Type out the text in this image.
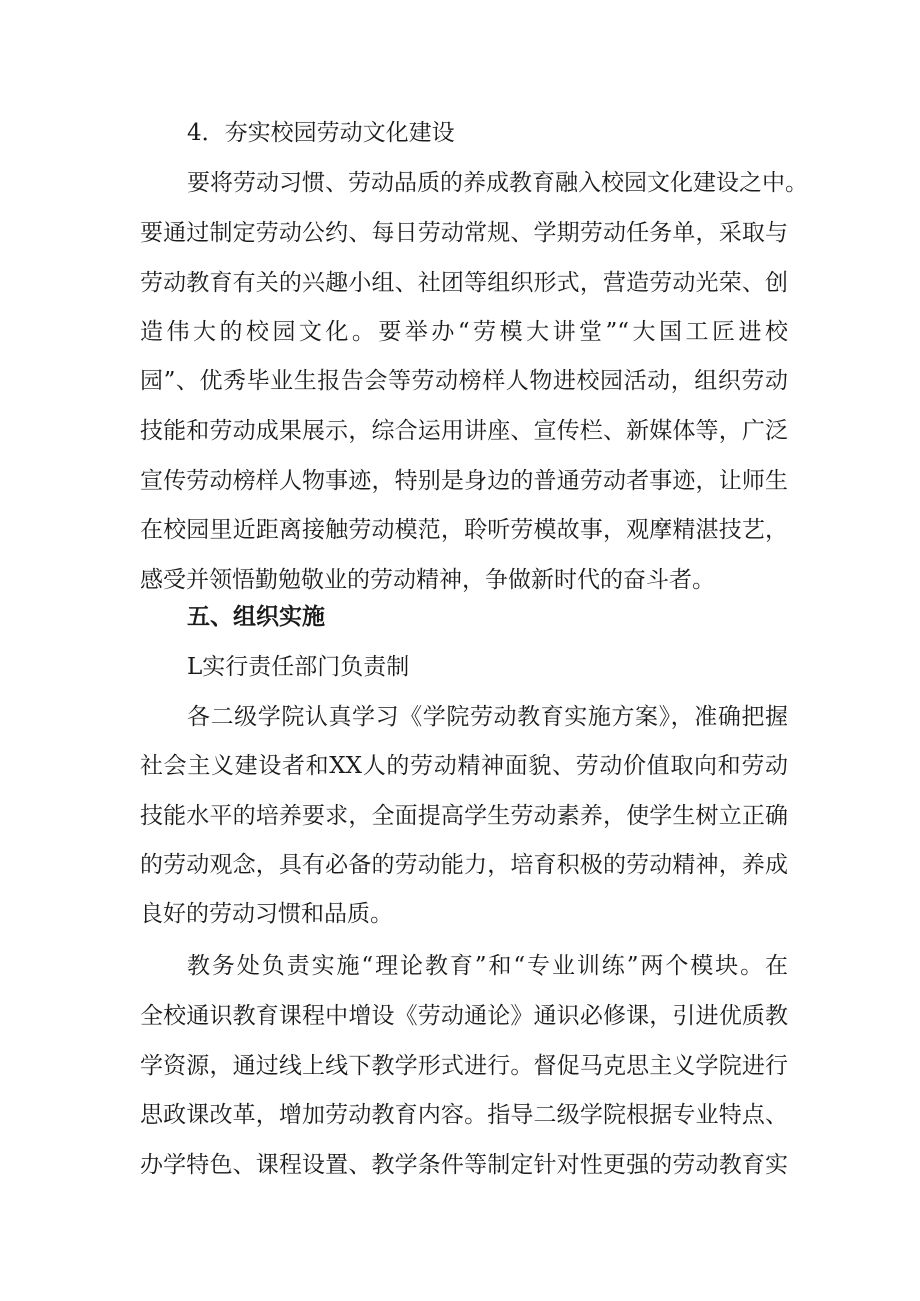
4．夯实校园劳动文化建设
要将劳动习惯、劳动品质的养成教育融入校园文化建设之中。
要通过制定劳动公约、每日劳动常规、学期劳动任务单，采取与
劳动教育有关的兴趣小组、社团等组织形式，营造劳动光荣、创
造伟大的校园文化。要举办“劳模大讲堂”“大国工匠进校
园”、优秀毕业生报告会等劳动榜样人物进校园活动，组织劳动
技能和劳动成果展示，综合运用讲座、宣传栏、新媒体等，广泛
宣传劳动榜样人物事迹，特别是身边的普通劳动者事迹，让师生
在校园里近距离接触劳动模范，聆听劳模故事，观摩精湛技艺，
感受并领悟勤勉敬业的劳动精神，争做新时代的奋斗者。
五、组织实施
L实行责任部门负责制
各二级学院认真学习《学院劳动教育实施方案》，准确把握
社会主义建设者和XX人的劳动精神面貌、劳动价值取向和劳动
技能水平的培养要求，全面提高学生劳动素养，使学生树立正确
的劳动观念，具有必备的劳动能力，培育积极的劳动精神，养成
良好的劳动习惯和品质。
教务处负责实施“理论教育”和“专业训练”两个模块。在
全校通识教育课程中增设《劳动通论》通识必修课，引进优质教
学资源，通过线上线下教学形式进行。督促马克思主义学院进行
思政课改革，增加劳动教育内容。指导二级学院根据专业特点、
办学特色、课程设置、教学条件等制定针对性更强的劳动教育实
